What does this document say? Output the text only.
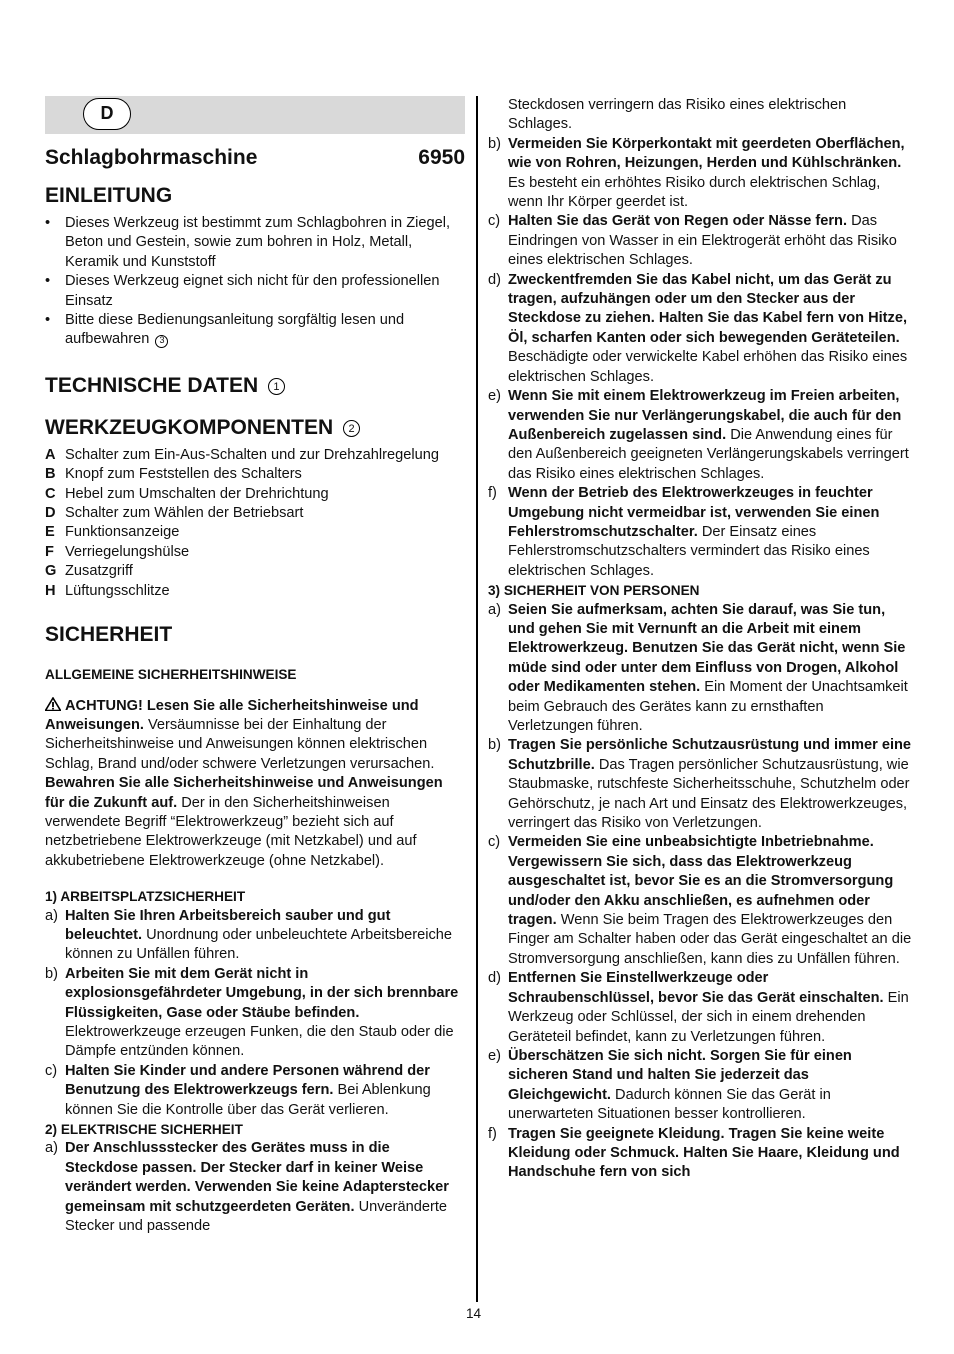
D
Schlagbohrmaschine	6950
EINLEITUNG
•	Dieses Werkzeug ist bestimmt zum Schlagbohren in Ziegel, Beton und Gestein, sowie zum bohren in Holz, Metall, Keramik und Kunststoff
•	Dieses Werkzeug eignet sich nicht für den professionellen Einsatz
•	Bitte diese Bedienungsanleitung sorgfältig lesen und aufbewahren 3
TECHNISCHE DATEN 1
WERKZEUGKOMPONENTEN 2
A Schalter zum Ein-Aus-Schalten und zur Drehzahlregelung
B Knopf zum Feststellen des Schalters
C Hebel zum Umschalten der Drehrichtung
D Schalter zum Wählen der Betriebsart
E Funktionsanzeige
F Verriegelungshülse
G Zusatzgriff
H Lüftungsschlitze
SICHERHEIT

ALLGEMEINE SICHERHEITSHINWEISE

ACHTUNG! Lesen Sie alle Sicherheitshinweise und Anweisungen. Versäumnisse bei der Einhaltung der Sicherheitshinweise und Anweisungen können elektrischen Schlag, Brand und/oder schwere Verletzungen verursachen. Bewahren Sie alle Sicherheitshinweise und Anweisungen für die Zukunft auf. Der in den Sicherheitshinweisen verwendete Begriff “Elektrowerkzeug” bezieht sich auf netzbetriebene Elektrowerkzeuge (mit Netzkabel) und auf akkubetriebene Elektrowerkzeuge (ohne Netzkabel).

1) ARBEITSPLATZSICHERHEIT

a) Halten Sie Ihren Arbeitsbereich sauber und gut beleuchtet. Unordnung oder unbeleuchtete Arbeitsbereiche können zu Unfällen führen.
b) Arbeiten Sie mit dem Gerät nicht in explosionsgefährdeter Umgebung, in der sich brennbare Flüssigkeiten, Gase oder Stäube befinden. Elektrowerkzeuge erzeugen Funken, die den Staub oder die Dämpfe entzünden können.
c) Halten Sie Kinder und andere Personen während der Benutzung des Elektrowerkzeugs fern. Bei Ablenkung können Sie die Kontrolle über das Gerät verlieren.

2) ELEKTRISCHE SICHERHEIT

a) Der Anschlussstecker des Gerätes muss in die Steckdose passen. Der Stecker darf in keiner Weise verändert werden. Verwenden Sie keine Adapterstecker gemeinsam mit schutzgeerdeten Geräten. Unveränderte Stecker und passende
Steckdosen verringern das Risiko eines elektrischen Schlages.
b) Vermeiden Sie Körperkontakt mit geerdeten Oberflächen, wie von Rohren, Heizungen, Herden und Kühlschränken. Es besteht ein erhöhtes Risiko durch elektrischen Schlag, wenn Ihr Körper geerdet ist.
c) Halten Sie das Gerät von Regen oder Nässe fern. Das Eindringen von Wasser in ein Elektrogerät erhöht das Risiko eines elektrischen Schlages.
d) Zweckentfremden Sie das Kabel nicht, um das Gerät zu tragen, aufzuhängen oder um den Stecker aus der Steckdose zu ziehen. Halten Sie das Kabel fern von Hitze, Öl, scharfen Kanten oder sich bewegenden Geräteteilen. Beschädigte oder verwickelte Kabel erhöhen das Risiko eines elektrischen Schlages.
e) Wenn Sie mit einem Elektrowerkzeug im Freien arbeiten, verwenden Sie nur Verlängerungskabel, die auch für den Außenbereich zugelassen sind. Die Anwendung eines für den Außenbereich geeigneten Verlängerungskabels verringert das Risiko eines elektrischen Schlages.
f) Wenn der Betrieb des Elektrowerkzeuges in feuchter Umgebung nicht vermeidbar ist, verwenden Sie einen Fehlerstromschutzschalter. Der Einsatz eines Fehlerstromschutzschalters vermindert das Risiko eines elektrischen Schlages.

3) SICHERHEIT VON PERSONEN

a) Seien Sie aufmerksam, achten Sie darauf, was Sie tun, und gehen Sie mit Vernunft an die Arbeit mit einem Elektrowerkzeug. Benutzen Sie das Gerät nicht, wenn Sie müde sind oder unter dem Einfluss von Drogen, Alkohol oder Medikamenten stehen. Ein Moment der Unachtsamkeit beim Gebrauch des Gerätes kann zu ernsthaften Verletzungen führen.
b) Tragen Sie persönliche Schutzausrüstung und immer eine Schutzbrille. Das Tragen persönlicher Schutzausrüstung, wie Staubmaske, rutschfeste Sicherheitsschuhe, Schutzhelm oder Gehörschutz, je nach Art und Einsatz des Elektrowerkzeuges, verringert das Risiko von Verletzungen.
c) Vermeiden Sie eine unbeabsichtigte Inbetriebnahme. Vergewissern Sie sich, dass das Elektrowerkzeug ausgeschaltet ist, bevor Sie es an die Stromversorgung und/oder den Akku anschließen, es aufnehmen oder tragen. Wenn Sie beim Tragen des Elektrowerkzeuges den Finger am Schalter haben oder das Gerät eingeschaltet an die Stromversorgung anschließen, kann dies zu Unfällen führen.
d) Entfernen Sie Einstellwerkzeuge oder Schraubenschlüssel, bevor Sie das Gerät einschalten. Ein Werkzeug oder Schlüssel, der sich in einem drehenden Geräteteil befindet, kann zu Verletzungen führen.
e) Überschätzen Sie sich nicht. Sorgen Sie für einen sicheren Stand und halten Sie jederzeit das Gleichgewicht. Dadurch können Sie das Gerät in unerwarteten Situationen besser kontrollieren.
f) Tragen Sie geeignete Kleidung. Tragen Sie keine weite Kleidung oder Schmuck. Halten Sie Haare, Kleidung und Handschuhe fern von sich
14
